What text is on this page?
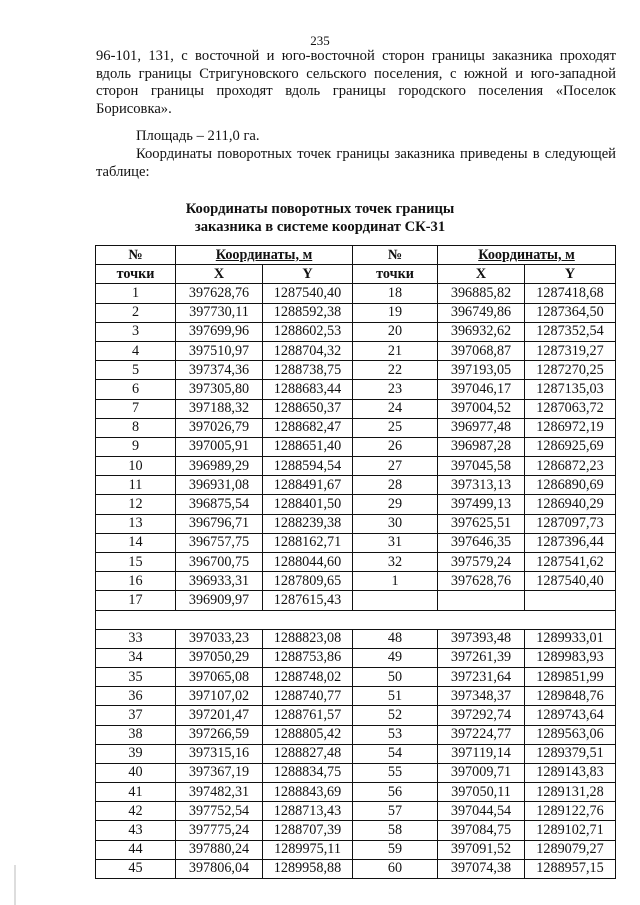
235

96-101, 131, с восточной и юго-восточной сторон границы заказника проходят вдоль границы Стригуновского сельского поселения, с южной и юго-западной сторон границы проходят вдоль границы городского поселения «Поселок Борисовка».

Площадь – 211,0 га.

Координаты поворотных точек границы заказника приведены в следующей таблице:

Координаты поворотных точек границы
заказника в системе координат СК-31
№	Координаты, м		№	Координаты, м	
точки	X	Y	точки	X	Y
1	397628,76	1287540,40	18	396885,82	1287418,68
2	397730,11	1288592,38	19	396749,86	1287364,50
3	397699,96	1288602,53	20	396932,62	1287352,54
4	397510,97	1288704,32	21	397068,87	1287319,27
5	397374,36	1288738,75	22	397193,05	1287270,25
6	397305,80	1288683,44	23	397046,17	1287135,03
7	397188,32	1288650,37	24	397004,52	1287063,72
8	397026,79	1288682,47	25	396977,48	1286972,19
9	397005,91	1288651,40	26	396987,28	1286925,69
10	396989,29	1288594,54	27	397045,58	1286872,23
11	396931,08	1288491,67	28	397313,13	1286890,69
12	396875,54	1288401,50	29	397499,13	1286940,29
13	396796,71	1288239,38	30	397625,51	1287097,73
14	396757,75	1288162,71	31	397646,35	1287396,44
15	396700,75	1288044,60	32	397579,24	1287541,62
16	396933,31	1287809,65	1	397628,76	1287540,40
17	396909,97	1287615,43			

33	397033,23	1288823,08	48	397393,48	1289933,01
34	397050,29	1288753,86	49	397261,39	1289983,93
35	397065,08	1288748,02	50	397231,64	1289851,99
36	397107,02	1288740,77	51	397348,37	1289848,76
37	397201,47	1288761,57	52	397292,74	1289743,64
38	397266,59	1288805,42	53	397224,77	1289563,06
39	397315,16	1288827,48	54	397119,14	1289379,51
40	397367,19	1288834,75	55	397009,71	1289143,83
41	397482,31	1288843,69	56	397050,11	1289131,28
42	397752,54	1288713,43	57	397044,54	1289122,76
43	397775,24	1288707,39	58	397084,75	1289102,71
44	397880,24	1289975,11	59	397091,52	1289079,27
45	397806,04	1289958,88	60	397074,38	1288957,15
